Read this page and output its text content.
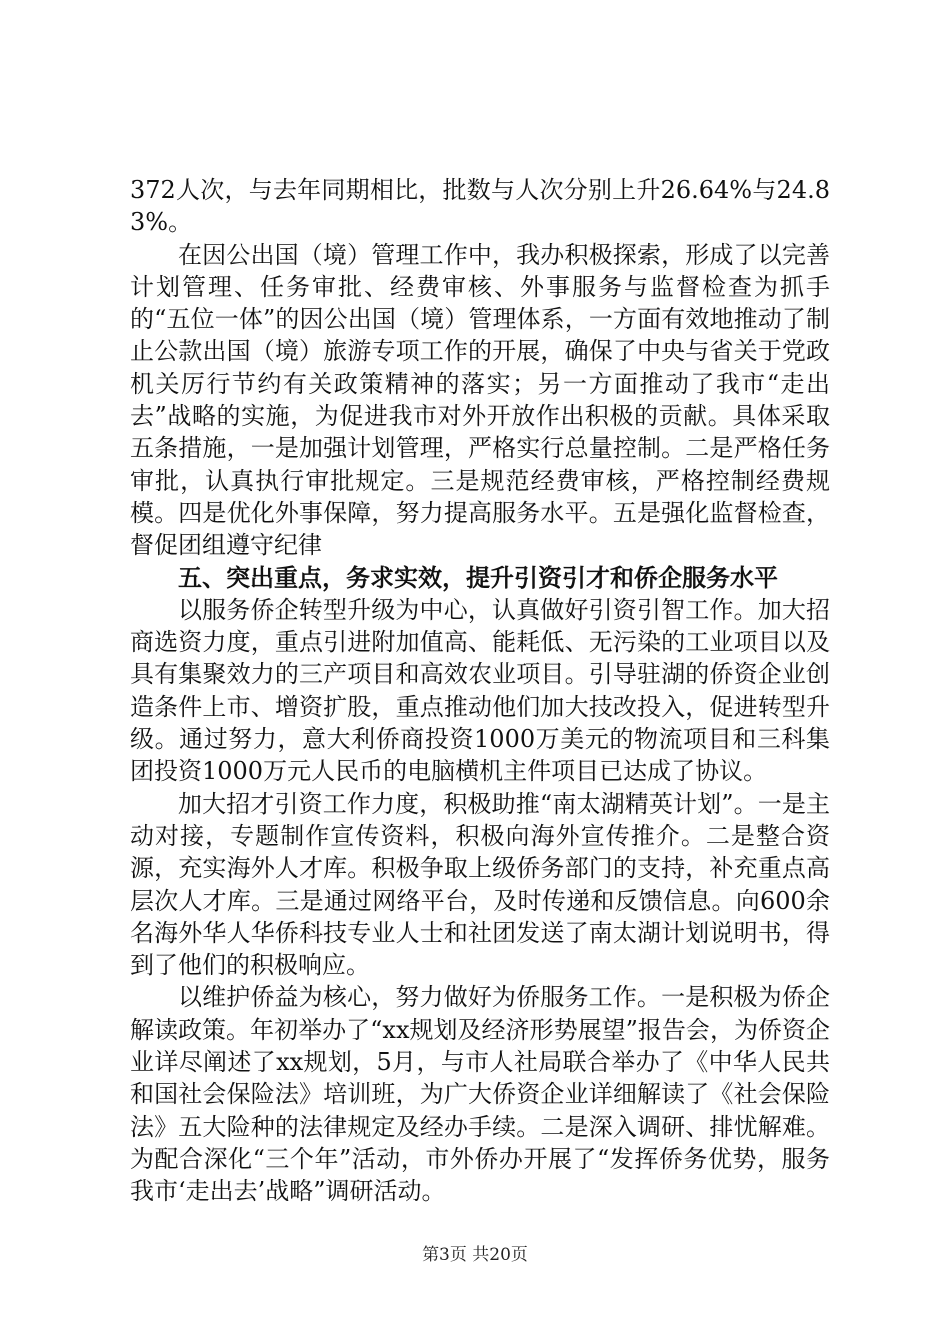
372人次，与去年同期相比，批数与人次分别上升26.64%与24.83%。

在因公出国（境）管理工作中，我办积极探索，形成了以完善计划管理、任务审批、经费审核、外事服务与监督检查为抓手的“五位一体”的因公出国（境）管理体系，一方面有效地推动了制止公款出国（境）旅游专项工作的开展，确保了中央与省关于党政机关厉行节约有关政策精神的落实；另一方面推动了我市“走出去”战略的实施，为促进我市对外开放作出积极的贡献。具体采取五条措施，一是加强计划管理，严格实行总量控制。二是严格任务审批，认真执行审批规定。三是规范经费审核，严格控制经费规模。四是优化外事保障，努力提高服务水平。五是强化监督检查，督促团组遵守纪律

五、突出重点，务求实效，提升引资引才和侨企服务水平

以服务侨企转型升级为中心，认真做好引资引智工作。加大招商选资力度，重点引进附加值高、能耗低、无污染的工业项目以及具有集聚效力的三产项目和高效农业项目。引导驻湖的侨资企业创造条件上市、增资扩股，重点推动他们加大技改投入，促进转型升级。通过努力，意大利侨商投资1000万美元的物流项目和三科集团投资1000万元人民币的电脑横机主件项目已达成了协议。

加大招才引资工作力度，积极助推“南太湖精英计划”。一是主动对接，专题制作宣传资料，积极向海外宣传推介。二是整合资源，充实海外人才库。积极争取上级侨务部门的支持，补充重点高层次人才库。三是通过网络平台，及时传递和反馈信息。向600余名海外华人华侨科技专业人士和社团发送了南太湖计划说明书，得到了他们的积极响应。

以维护侨益为核心，努力做好为侨服务工作。一是积极为侨企解读政策。年初举办了“xx规划及经济形势展望”报告会，为侨资企业详尽阐述了xx规划，5月，与市人社局联合举办了《中华人民共和国社会保险法》培训班，为广大侨资企业详细解读了《社会保险法》五大险种的法律规定及经办手续。二是深入调研、排忧解难。为配合深化“三个年”活动，市外侨办开展了“发挥侨务优势，服务我市‘走出去’战略”调研活动。

第3页 共20页
